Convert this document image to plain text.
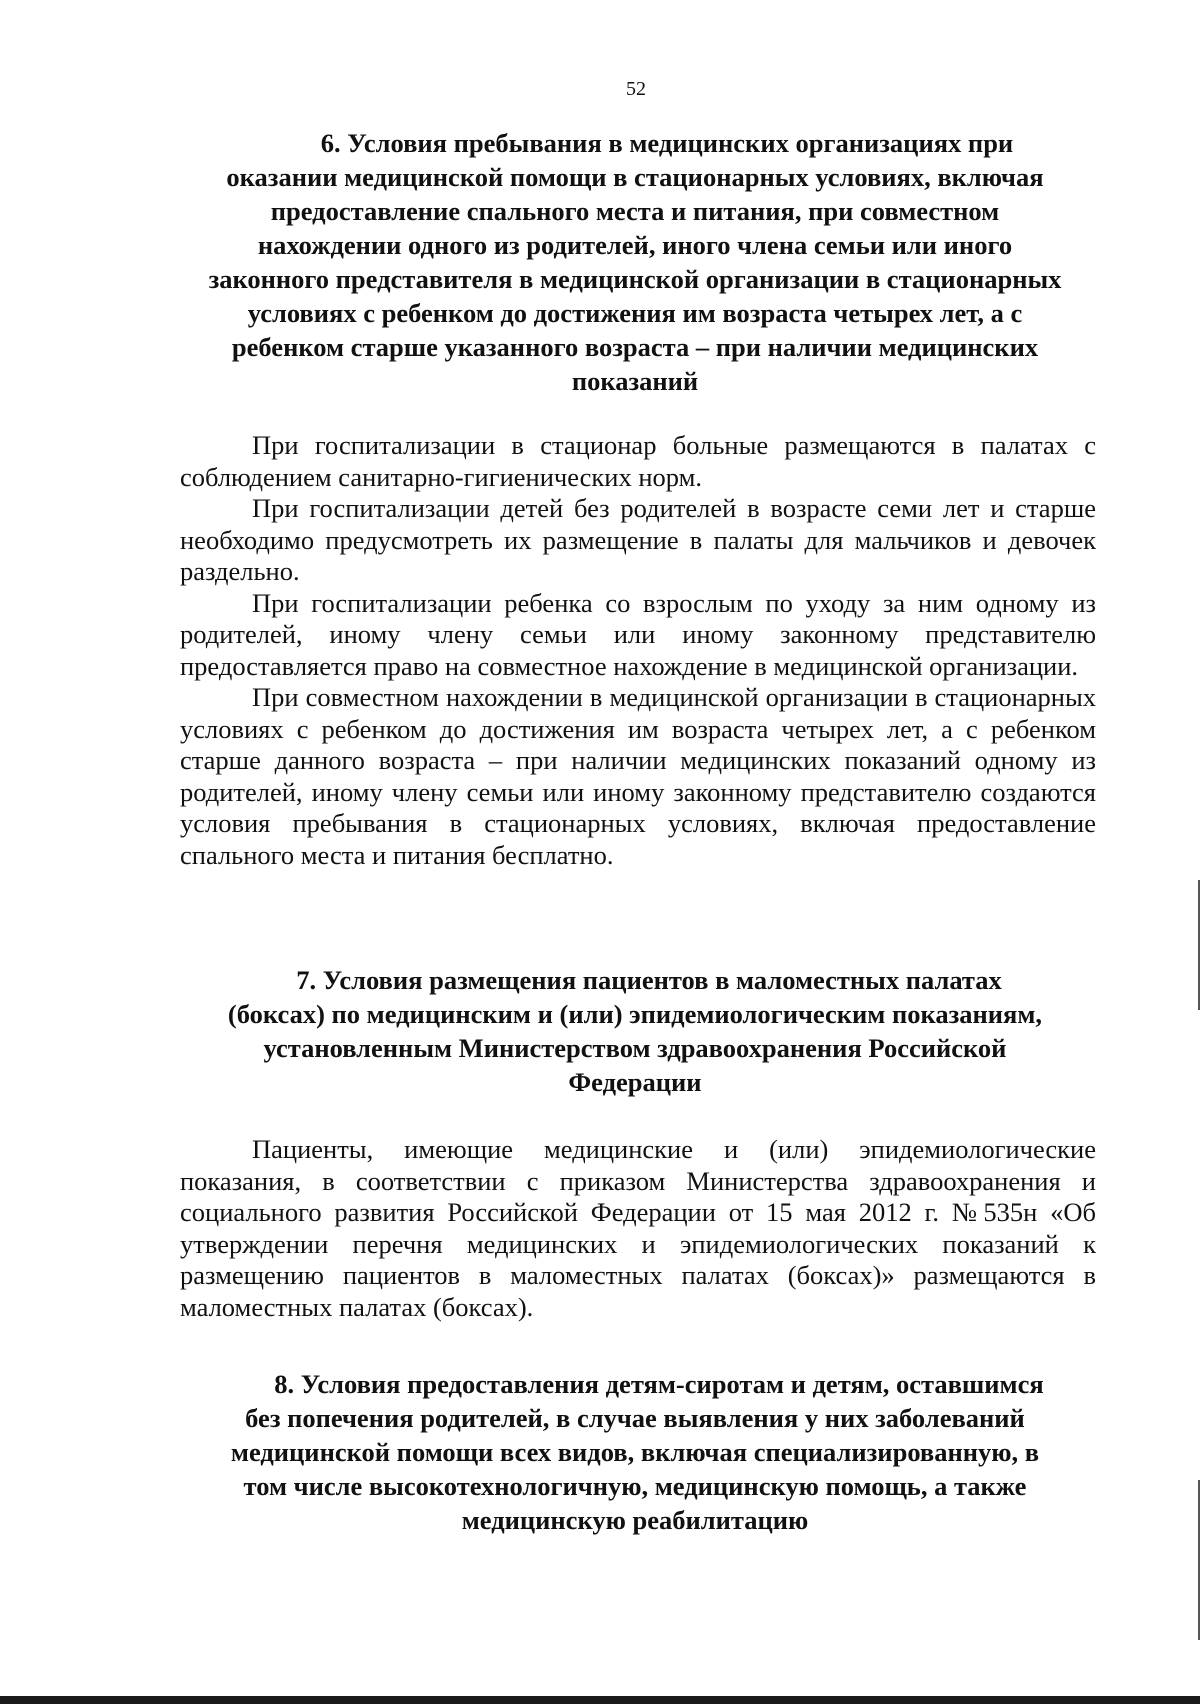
52
6. Условия пребывания в медицинских организациях при
оказании медицинской помощи в стационарных условиях, включая
предоставление спального места и питания, при совместном
нахождении одного из родителей, иного члена семьи или иного
законного представителя в медицинской организации в стационарных
условиях с ребенком до достижения им возраста четырех лет, а с
ребенком старше указанного возраста – при наличии медицинских
показаний

При госпитализации в стационар больные размещаются в палатах с соблюдением санитарно-гигиенических норм.

При госпитализации детей без родителей в возрасте семи лет и старше необходимо предусмотреть их размещение в палаты для мальчиков и девочек раздельно.

При госпитализации ребенка со взрослым по уходу за ним одному из родителей, иному члену семьи или иному законному представителю предоставляется право на совместное нахождение в медицинской организации.

При совместном нахождении в медицинской организации в стационарных условиях с ребенком до достижения им возраста четырех лет, а с ребенком старше данного возраста – при наличии медицинских показаний одному из родителей, иному члену семьи или иному законному представителю создаются условия пребывания в стационарных условиях, включая предоставление спального места и питания бесплатно.

7. Условия размещения пациентов в маломестных палатах
(боксах) по медицинским и (или) эпидемиологическим показаниям,
установленным Министерством здравоохранения Российской
Федерации

Пациенты, имеющие медицинские и (или) эпидемиологические показания, в соответствии с приказом Министерства здравоохранения и социального развития Российской Федерации от 15 мая 2012 г. №535н «Об утверждении перечня медицинских и эпидемиологических показаний к размещению пациентов в маломестных палатах (боксах)» размещаются в маломестных палатах (боксах).

8. Условия предоставления детям-сиротам и детям, оставшимся
без попечения родителей, в случае выявления у них заболеваний
медицинской помощи всех видов, включая специализированную, в
том числе высокотехнологичную, медицинскую помощь, а также
медицинскую реабилитацию
